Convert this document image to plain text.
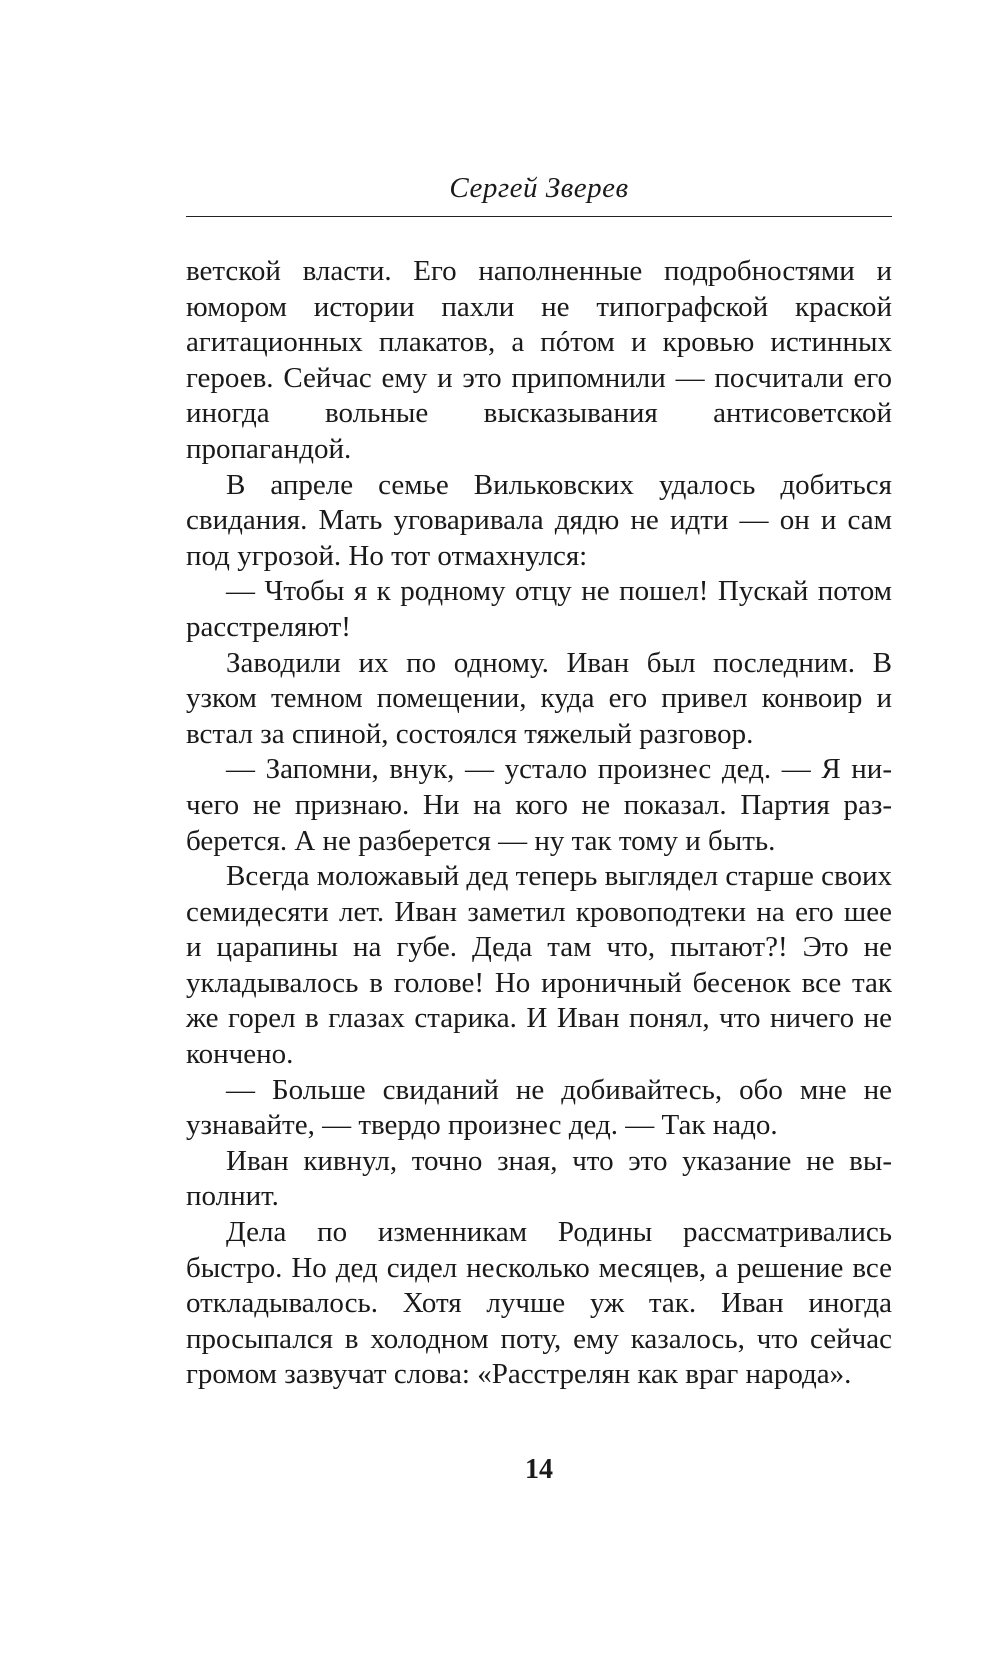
Сергей Зверев

ветской власти. Его наполненные подробностями и юмором истории пахли не типографской краской агитационных плакатов, а пóтом и кровью истинных героев. Сейчас ему и это припомнили — посчитали его иногда вольные высказывания антисоветской пропагандой.

В апреле семье Вильковских удалось добиться свидания. Мать уговаривала дядю не идти — он и сам под угрозой. Но тот отмахнулся:

— Чтобы я к родному отцу не пошел! Пускай потом расстреляют!

Заводили их по одному. Иван был последним. В узком темном помещении, куда его привел конвоир и встал за спиной, состоялся тяжелый разговор.

— Запомни, внук, — устало произнес дед. — Я ничего не признаю. Ни на кого не показал. Партия разберется. А не разберется — ну так тому и быть.

Всегда моложавый дед теперь выглядел старше своих семидесяти лет. Иван заметил кровоподтеки на его шее и царапины на губе. Деда там что, пытают?! Это не укладывалось в голове! Но ироничный бесенок все так же горел в глазах старика. И Иван понял, что ничего не кончено.

— Больше свиданий не добивайтесь, обо мне не узнавайте, — твердо произнес дед. — Так надо.

Иван кивнул, точно зная, что это указание не выполнит.

Дела по изменникам Родины рассматривались быстро. Но дед сидел несколько месяцев, а решение все откладывалось. Хотя лучше уж так. Иван иногда просыпался в холодном поту, ему казалось, что сейчас громом зазвучат слова: «Расстрелян как враг народа».

14
